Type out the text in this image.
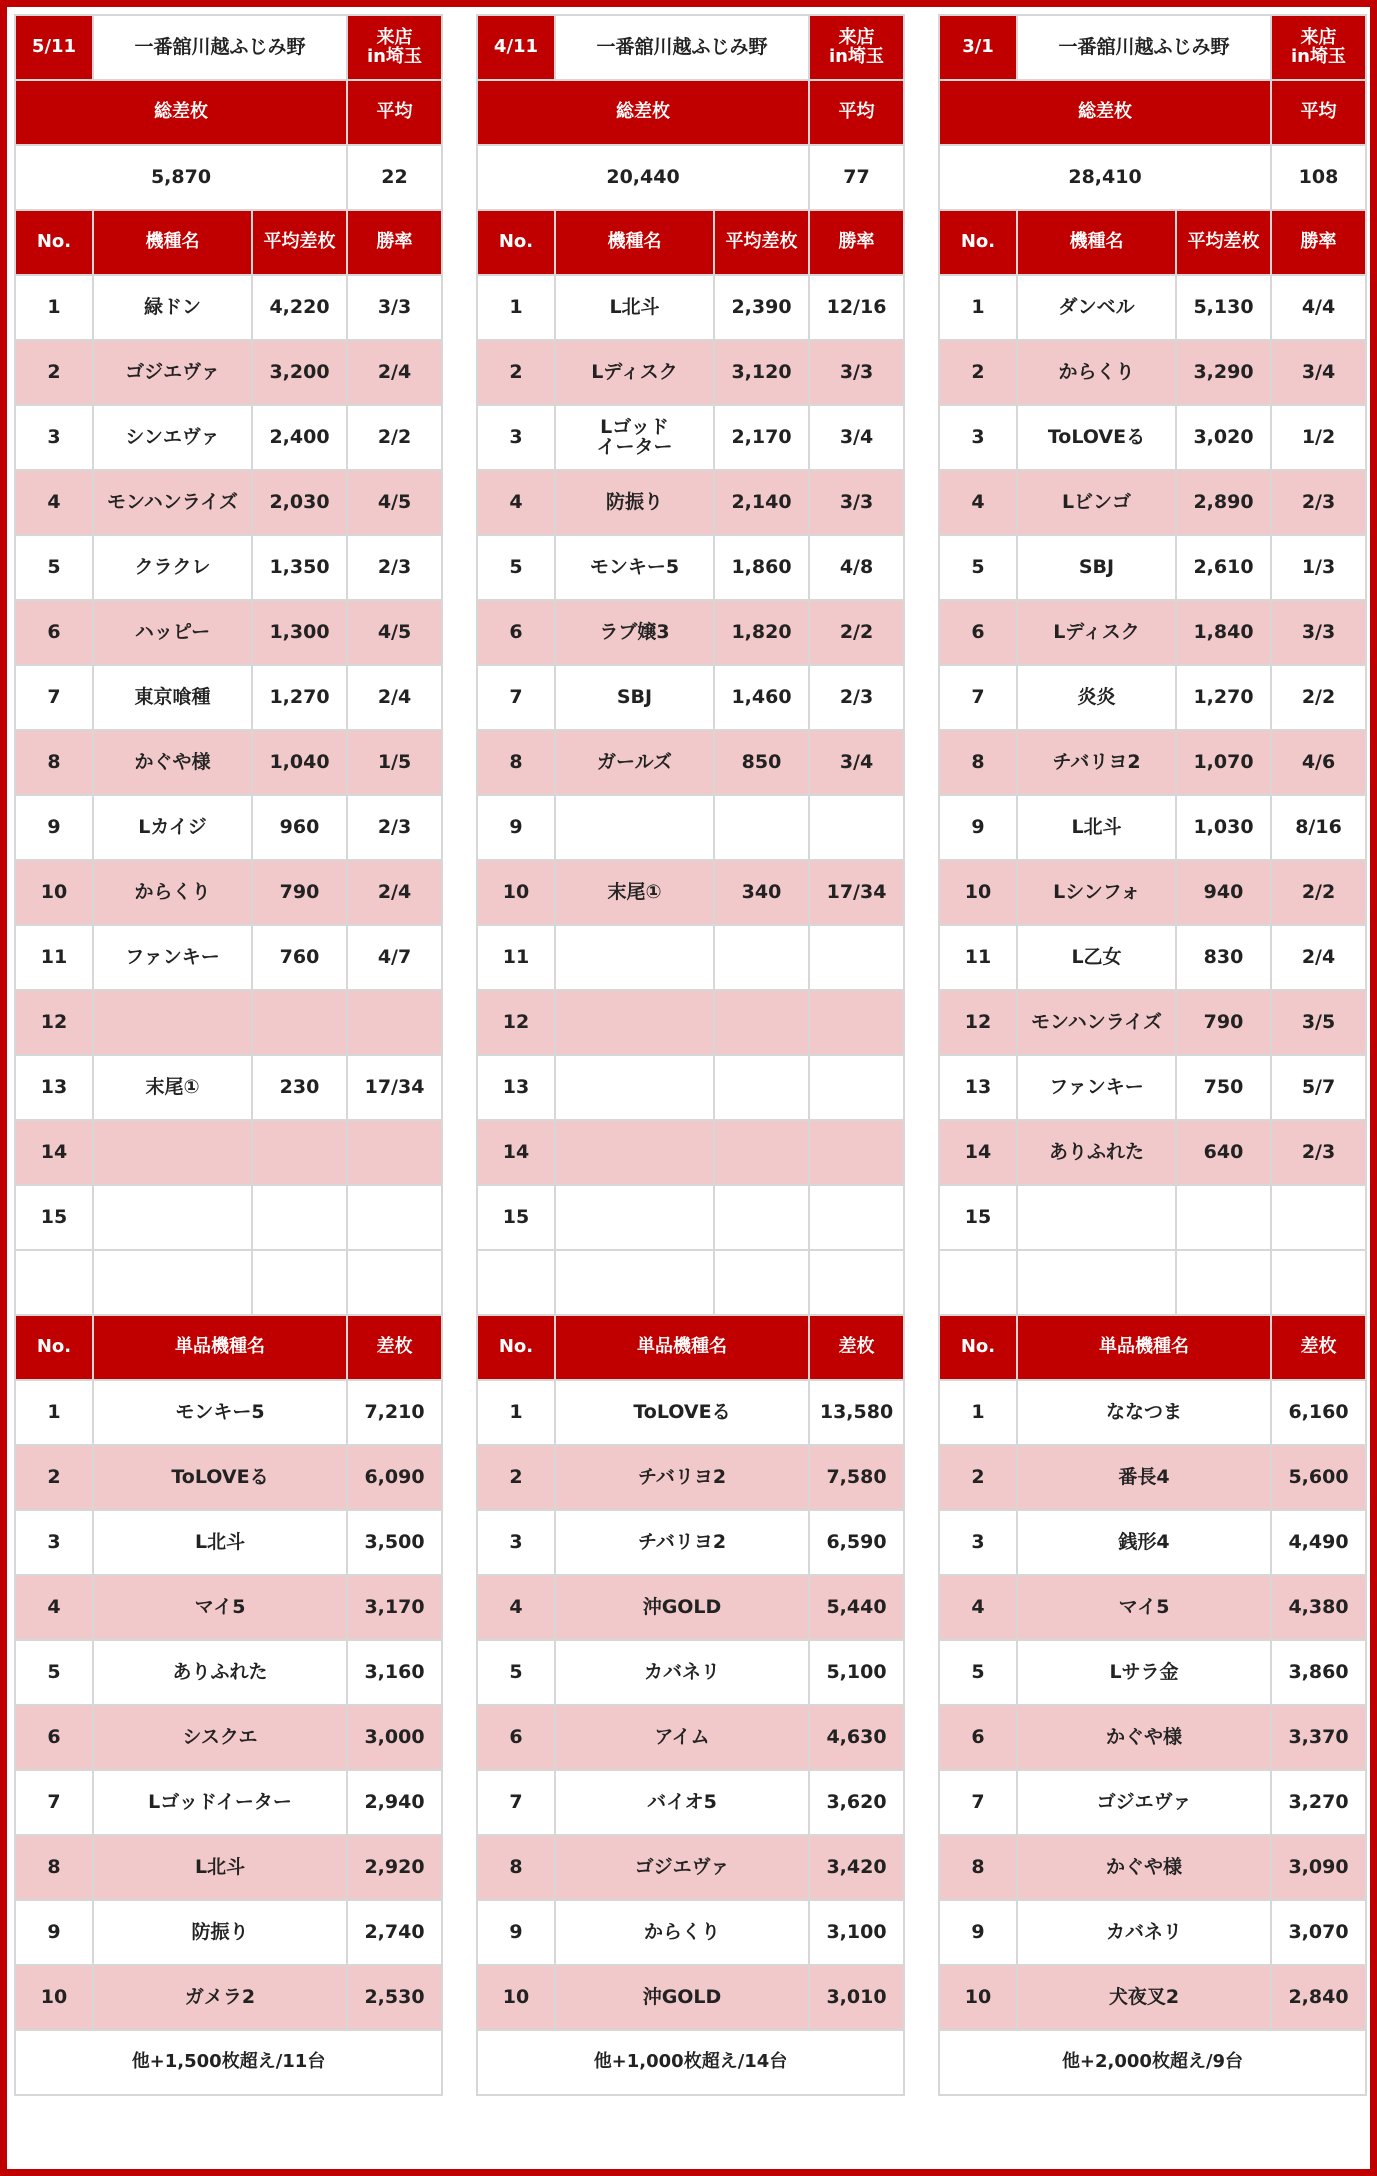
5/11	一番舘川越ふじみ野		来店
in埼玉

総差枚			平均
5,870			22
No.	機種名	平均差枚	勝率
1	緑ドン	4,220	3/3
2	ゴジエヴァ	3,200	2/4
3	シンエヴァ	2,400	2/2
4	モンハンライズ	2,030	4/5
5	クラクレ	1,350	2/3
6	ハッピー	1,300	4/5
7	東京喰種	1,270	2/4
8	かぐや様	1,040	1/5
9	Lカイジ	960	2/3
10	からくり	790	2/4
11	ファンキー	760	4/7
12			
13	末尾①	230	17/34
14			
15			

No.	単品機種名		差枚
1	モンキー5		7,210
2	ToLOVEる		6,090
3	L北斗		3,500
4	マイ5		3,170
5	ありふれた		3,160
6	シスクエ		3,000
7	Lゴッドイーター		2,940
8	L北斗		2,920
9	防振り		2,740
10	ガメラ2		2,530
他+1,500枚超え/11台			
4/11	一番舘川越ふじみ野		来店
in埼玉

総差枚			平均
20,440			77
No.	機種名	平均差枚	勝率
1	L北斗	2,390	12/16
2	Lディスク	3,120	3/3
3	Lゴッド
イーター	2,170	3/4
4	防振り	2,140	3/3
5	モンキー5	1,860	4/8
6	ラブ嬢3	1,820	2/2
7	SBJ	1,460	2/3
8	ガールズ	850	3/4
9			
10	末尾①	340	17/34
11			
12			
13			
14			
15			

No.	単品機種名		差枚
1	ToLOVEる		13,580
2	チバリヨ2		7,580
3	チバリヨ2		6,590
4	沖GOLD		5,440
5	カバネリ		5,100
6	アイム		4,630
7	バイオ5		3,620
8	ゴジエヴァ		3,420
9	からくり		3,100
10	沖GOLD		3,010
他+1,000枚超え/14台			
3/1	一番舘川越ふじみ野		来店
in埼玉

総差枚			平均
28,410			108
No.	機種名	平均差枚	勝率
1	ダンベル	5,130	4/4
2	からくり	3,290	3/4
3	ToLOVEる	3,020	1/2
4	Lビンゴ	2,890	2/3
5	SBJ	2,610	1/3
6	Lディスク	1,840	3/3
7	炎炎	1,270	2/2
8	チバリヨ2	1,070	4/6
9	L北斗	1,030	8/16
10	Lシンフォ	940	2/2
11	L乙女	830	2/4
12	モンハンライズ	790	3/5
13	ファンキー	750	5/7
14	ありふれた	640	2/3
15			

No.	単品機種名		差枚
1	ななつま		6,160
2	番長4		5,600
3	銭形4		4,490
4	マイ5		4,380
5	Lサラ金		3,860
6	かぐや様		3,370
7	ゴジエヴァ		3,270
8	かぐや様		3,090
9	カバネリ		3,070
10	犬夜叉2		2,840
他+2,000枚超え/9台			
